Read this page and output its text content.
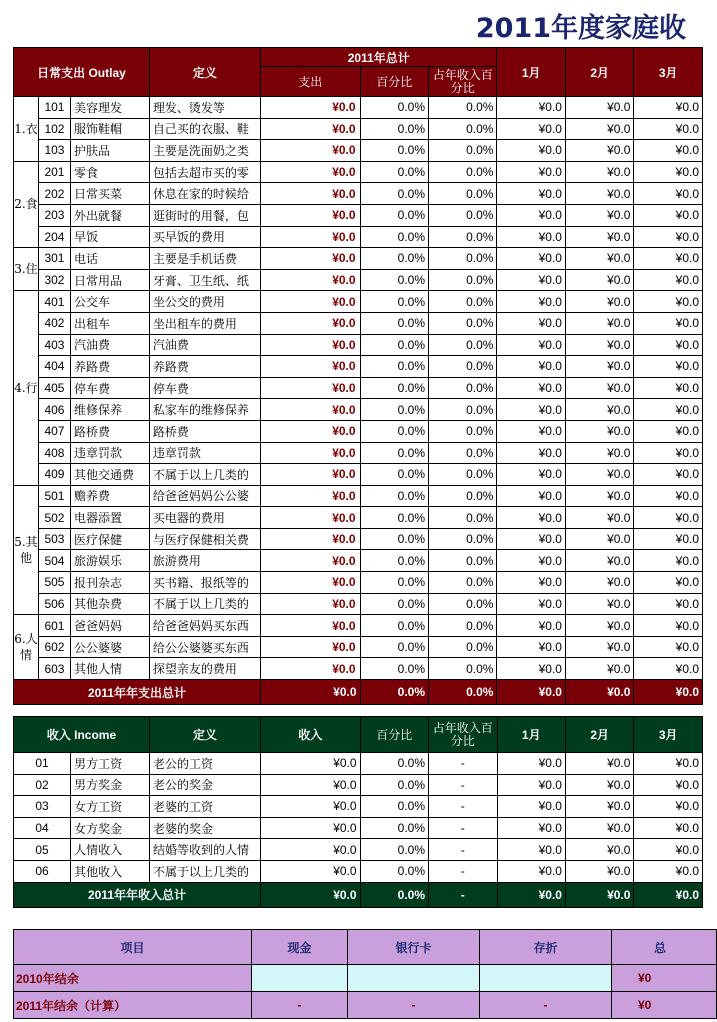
2011年度家庭收
日常支出 Outlay			定义	2011年总计			1月	2月	3月
				支出	百分比	占年收入百分比			
1.衣	101	美容理发	理发、烫发等	¥0.0	0.0%	0.0%	¥0.0	¥0.0	¥0.0
	102	服饰鞋帽	自己买的衣服、鞋	¥0.0	0.0%	0.0%	¥0.0	¥0.0	¥0.0
	103	护肤品	主要是洗面奶之类	¥0.0	0.0%	0.0%	¥0.0	¥0.0	¥0.0
2.食	201	零食	包括去超市买的零	¥0.0	0.0%	0.0%	¥0.0	¥0.0	¥0.0
	202	日常买菜	休息在家的时候给	¥0.0	0.0%	0.0%	¥0.0	¥0.0	¥0.0
	203	外出就餐	逛街时的用餐，包	¥0.0	0.0%	0.0%	¥0.0	¥0.0	¥0.0
	204	早饭	买早饭的费用	¥0.0	0.0%	0.0%	¥0.0	¥0.0	¥0.0
3.住	301	电话	主要是手机话费	¥0.0	0.0%	0.0%	¥0.0	¥0.0	¥0.0
	302	日常用品	牙膏、卫生纸、纸	¥0.0	0.0%	0.0%	¥0.0	¥0.0	¥0.0
4.行	401	公交车	坐公交的费用	¥0.0	0.0%	0.0%	¥0.0	¥0.0	¥0.0
	402	出租车	坐出租车的费用	¥0.0	0.0%	0.0%	¥0.0	¥0.0	¥0.0
	403	汽油费	汽油费	¥0.0	0.0%	0.0%	¥0.0	¥0.0	¥0.0
	404	养路费	养路费	¥0.0	0.0%	0.0%	¥0.0	¥0.0	¥0.0
	405	停车费	停车费	¥0.0	0.0%	0.0%	¥0.0	¥0.0	¥0.0
	406	维修保养	私家车的维修保养	¥0.0	0.0%	0.0%	¥0.0	¥0.0	¥0.0
	407	路桥费	路桥费	¥0.0	0.0%	0.0%	¥0.0	¥0.0	¥0.0
	408	违章罚款	违章罚款	¥0.0	0.0%	0.0%	¥0.0	¥0.0	¥0.0
	409	其他交通费	不属于以上几类的	¥0.0	0.0%	0.0%	¥0.0	¥0.0	¥0.0
5.其他	501	赡养费	给爸爸妈妈公公婆	¥0.0	0.0%	0.0%	¥0.0	¥0.0	¥0.0
	502	电器添置	买电器的费用	¥0.0	0.0%	0.0%	¥0.0	¥0.0	¥0.0
	503	医疗保健	与医疗保健相关费	¥0.0	0.0%	0.0%	¥0.0	¥0.0	¥0.0
	504	旅游娱乐	旅游费用	¥0.0	0.0%	0.0%	¥0.0	¥0.0	¥0.0
	505	报刊杂志	买书籍、报纸等的	¥0.0	0.0%	0.0%	¥0.0	¥0.0	¥0.0
	506	其他杂费	不属于以上几类的	¥0.0	0.0%	0.0%	¥0.0	¥0.0	¥0.0
6.人情	601	爸爸妈妈	给爸爸妈妈买东西	¥0.0	0.0%	0.0%	¥0.0	¥0.0	¥0.0
	602	公公婆婆	给公公婆婆买东西	¥0.0	0.0%	0.0%	¥0.0	¥0.0	¥0.0
	603	其他人情	探望亲友的费用	¥0.0	0.0%	0.0%	¥0.0	¥0.0	¥0.0
2011年年支出总计				¥0.0	0.0%	0.0%	¥0.0	¥0.0	¥0.0
收入 Income		定义	收入	百分比	占年收入百分比	1月	2月	3月
01	男方工资	老公的工资	¥0.0	0.0%	-	¥0.0	¥0.0	¥0.0
02	男方奖金	老公的奖金	¥0.0	0.0%	-	¥0.0	¥0.0	¥0.0
03	女方工资	老婆的工资	¥0.0	0.0%	-	¥0.0	¥0.0	¥0.0
04	女方奖金	老婆的奖金	¥0.0	0.0%	-	¥0.0	¥0.0	¥0.0
05	人情收入	结婚等收到的人情	¥0.0	0.0%	-	¥0.0	¥0.0	¥0.0
06	其他收入	不属于以上几类的	¥0.0	0.0%	-	¥0.0	¥0.0	¥0.0
2011年年收入总计			¥0.0	0.0%	-	¥0.0	¥0.0	¥0.0
项目	现金	银行卡	存折	总
2010年结余				¥0
2011年结余（计算）	-	-	-	¥0
